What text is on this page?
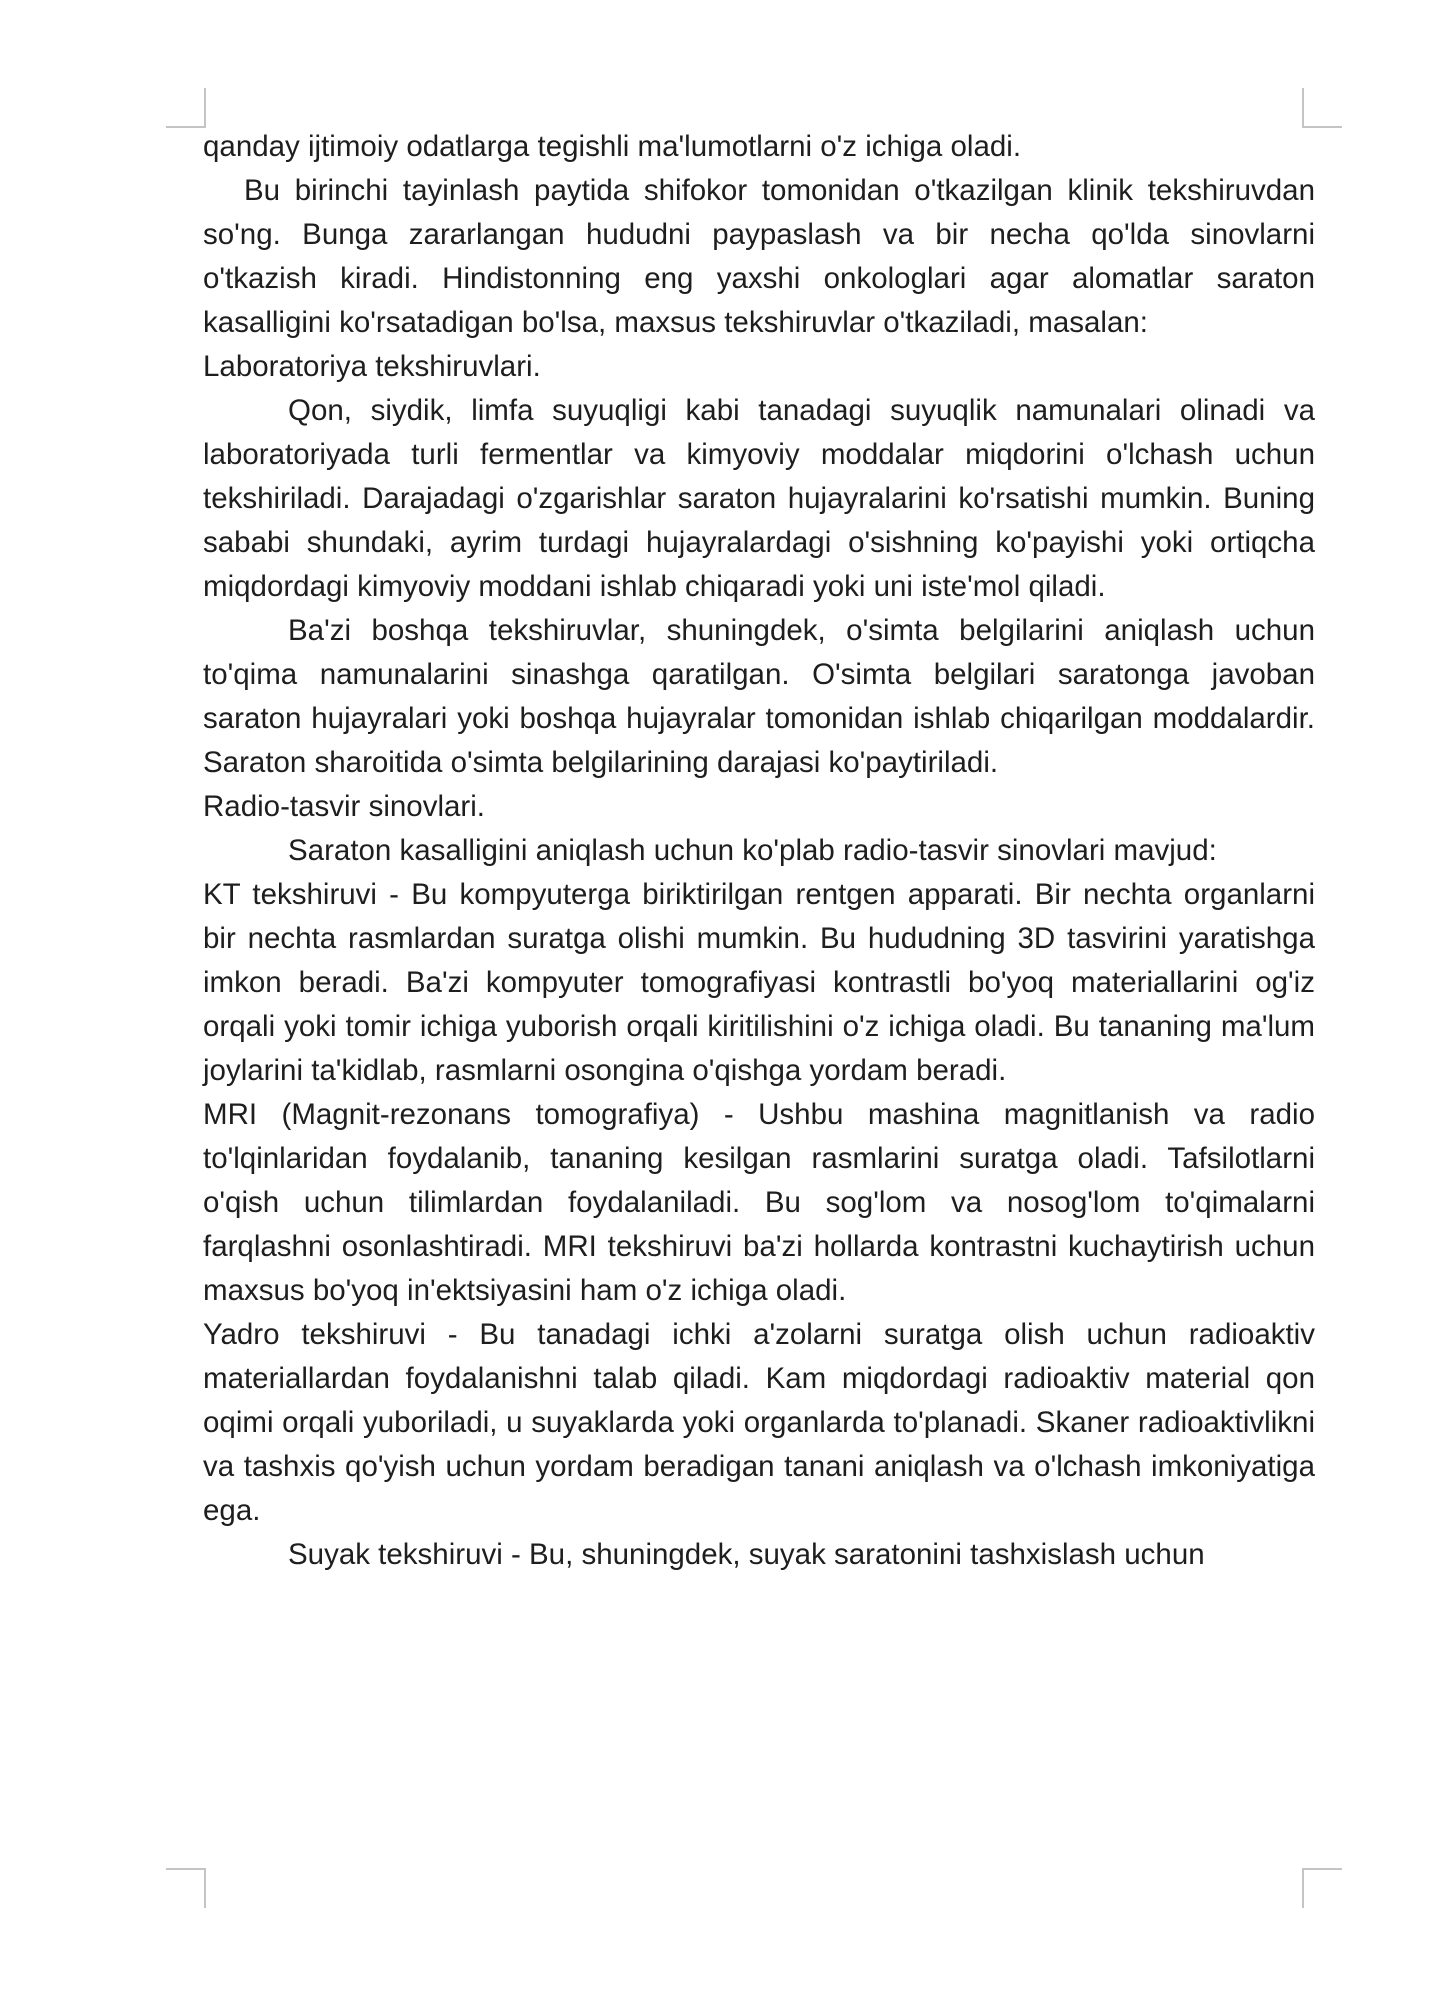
qanday ijtimoiy odatlarga tegishli ma'lumotlarni o'z ichiga oladi.

Bu birinchi tayinlash paytida shifokor tomonidan o'tkazilgan klinik tekshiruvdan so'ng. Bunga zararlangan hududni paypaslash va bir necha qo'lda sinovlarni o'tkazish kiradi. Hindistonning eng yaxshi onkologlari agar alomatlar saraton kasalligini ko'rsatadigan bo'lsa, maxsus tekshiruvlar o'tkaziladi, masalan:

Laboratoriya tekshiruvlari.

Qon, siydik, limfa suyuqligi kabi tanadagi suyuqlik namunalari olinadi va laboratoriyada turli fermentlar va kimyoviy moddalar miqdorini o'lchash uchun tekshiriladi. Darajadagi o'zgarishlar saraton hujayralarini ko'rsatishi mumkin. Buning sababi shundaki, ayrim turdagi hujayralardagi o'sishning ko'payishi yoki ortiqcha miqdordagi kimyoviy moddani ishlab chiqaradi yoki uni iste'mol qiladi.

Ba'zi boshqa tekshiruvlar, shuningdek, o'simta belgilarini aniqlash uchun to'qima namunalarini sinashga qaratilgan. O'simta belgilari saratonga javoban saraton hujayralari yoki boshqa hujayralar tomonidan ishlab chiqarilgan moddalardir. Saraton sharoitida o'simta belgilarining darajasi ko'paytiriladi.

Radio-tasvir sinovlari.

Saraton kasalligini aniqlash uchun ko'plab radio-tasvir sinovlari mavjud:

KT tekshiruvi - Bu kompyuterga biriktirilgan rentgen apparati. Bir nechta organlarni bir nechta rasmlardan suratga olishi mumkin. Bu hududning 3D tasvirini yaratishga imkon beradi. Ba'zi kompyuter tomografiyasi kontrastli bo'yoq materiallarini og'iz orqali yoki tomir ichiga yuborish orqali kiritilishini o'z ichiga oladi. Bu tananing ma'lum joylarini ta'kidlab, rasmlarni osongina o'qishga yordam beradi.

MRI (Magnit-rezonans tomografiya) - Ushbu mashina magnitlanish va radio to'lqinlaridan foydalanib, tananing kesilgan rasmlarini suratga oladi. Tafsilotlarni o'qish uchun tilimlardan foydalaniladi. Bu sog'lom va nosog'lom to'qimalarni farqlashni osonlashtiradi. MRI tekshiruvi ba'zi hollarda kontrastni kuchaytirish uchun maxsus bo'yoq in'ektsiyasini ham o'z ichiga oladi.

Yadro tekshiruvi - Bu tanadagi ichki a'zolarni suratga olish uchun radioaktiv materiallardan foydalanishni talab qiladi. Kam miqdordagi radioaktiv material qon oqimi orqali yuboriladi, u suyaklarda yoki organlarda to'planadi. Skaner radioaktivlikni va tashxis qo'yish uchun yordam beradigan tanani aniqlash va o'lchash imkoniyatiga ega.

Suyak tekshiruvi - Bu, shuningdek, suyak saratonini tashxislash uchun
